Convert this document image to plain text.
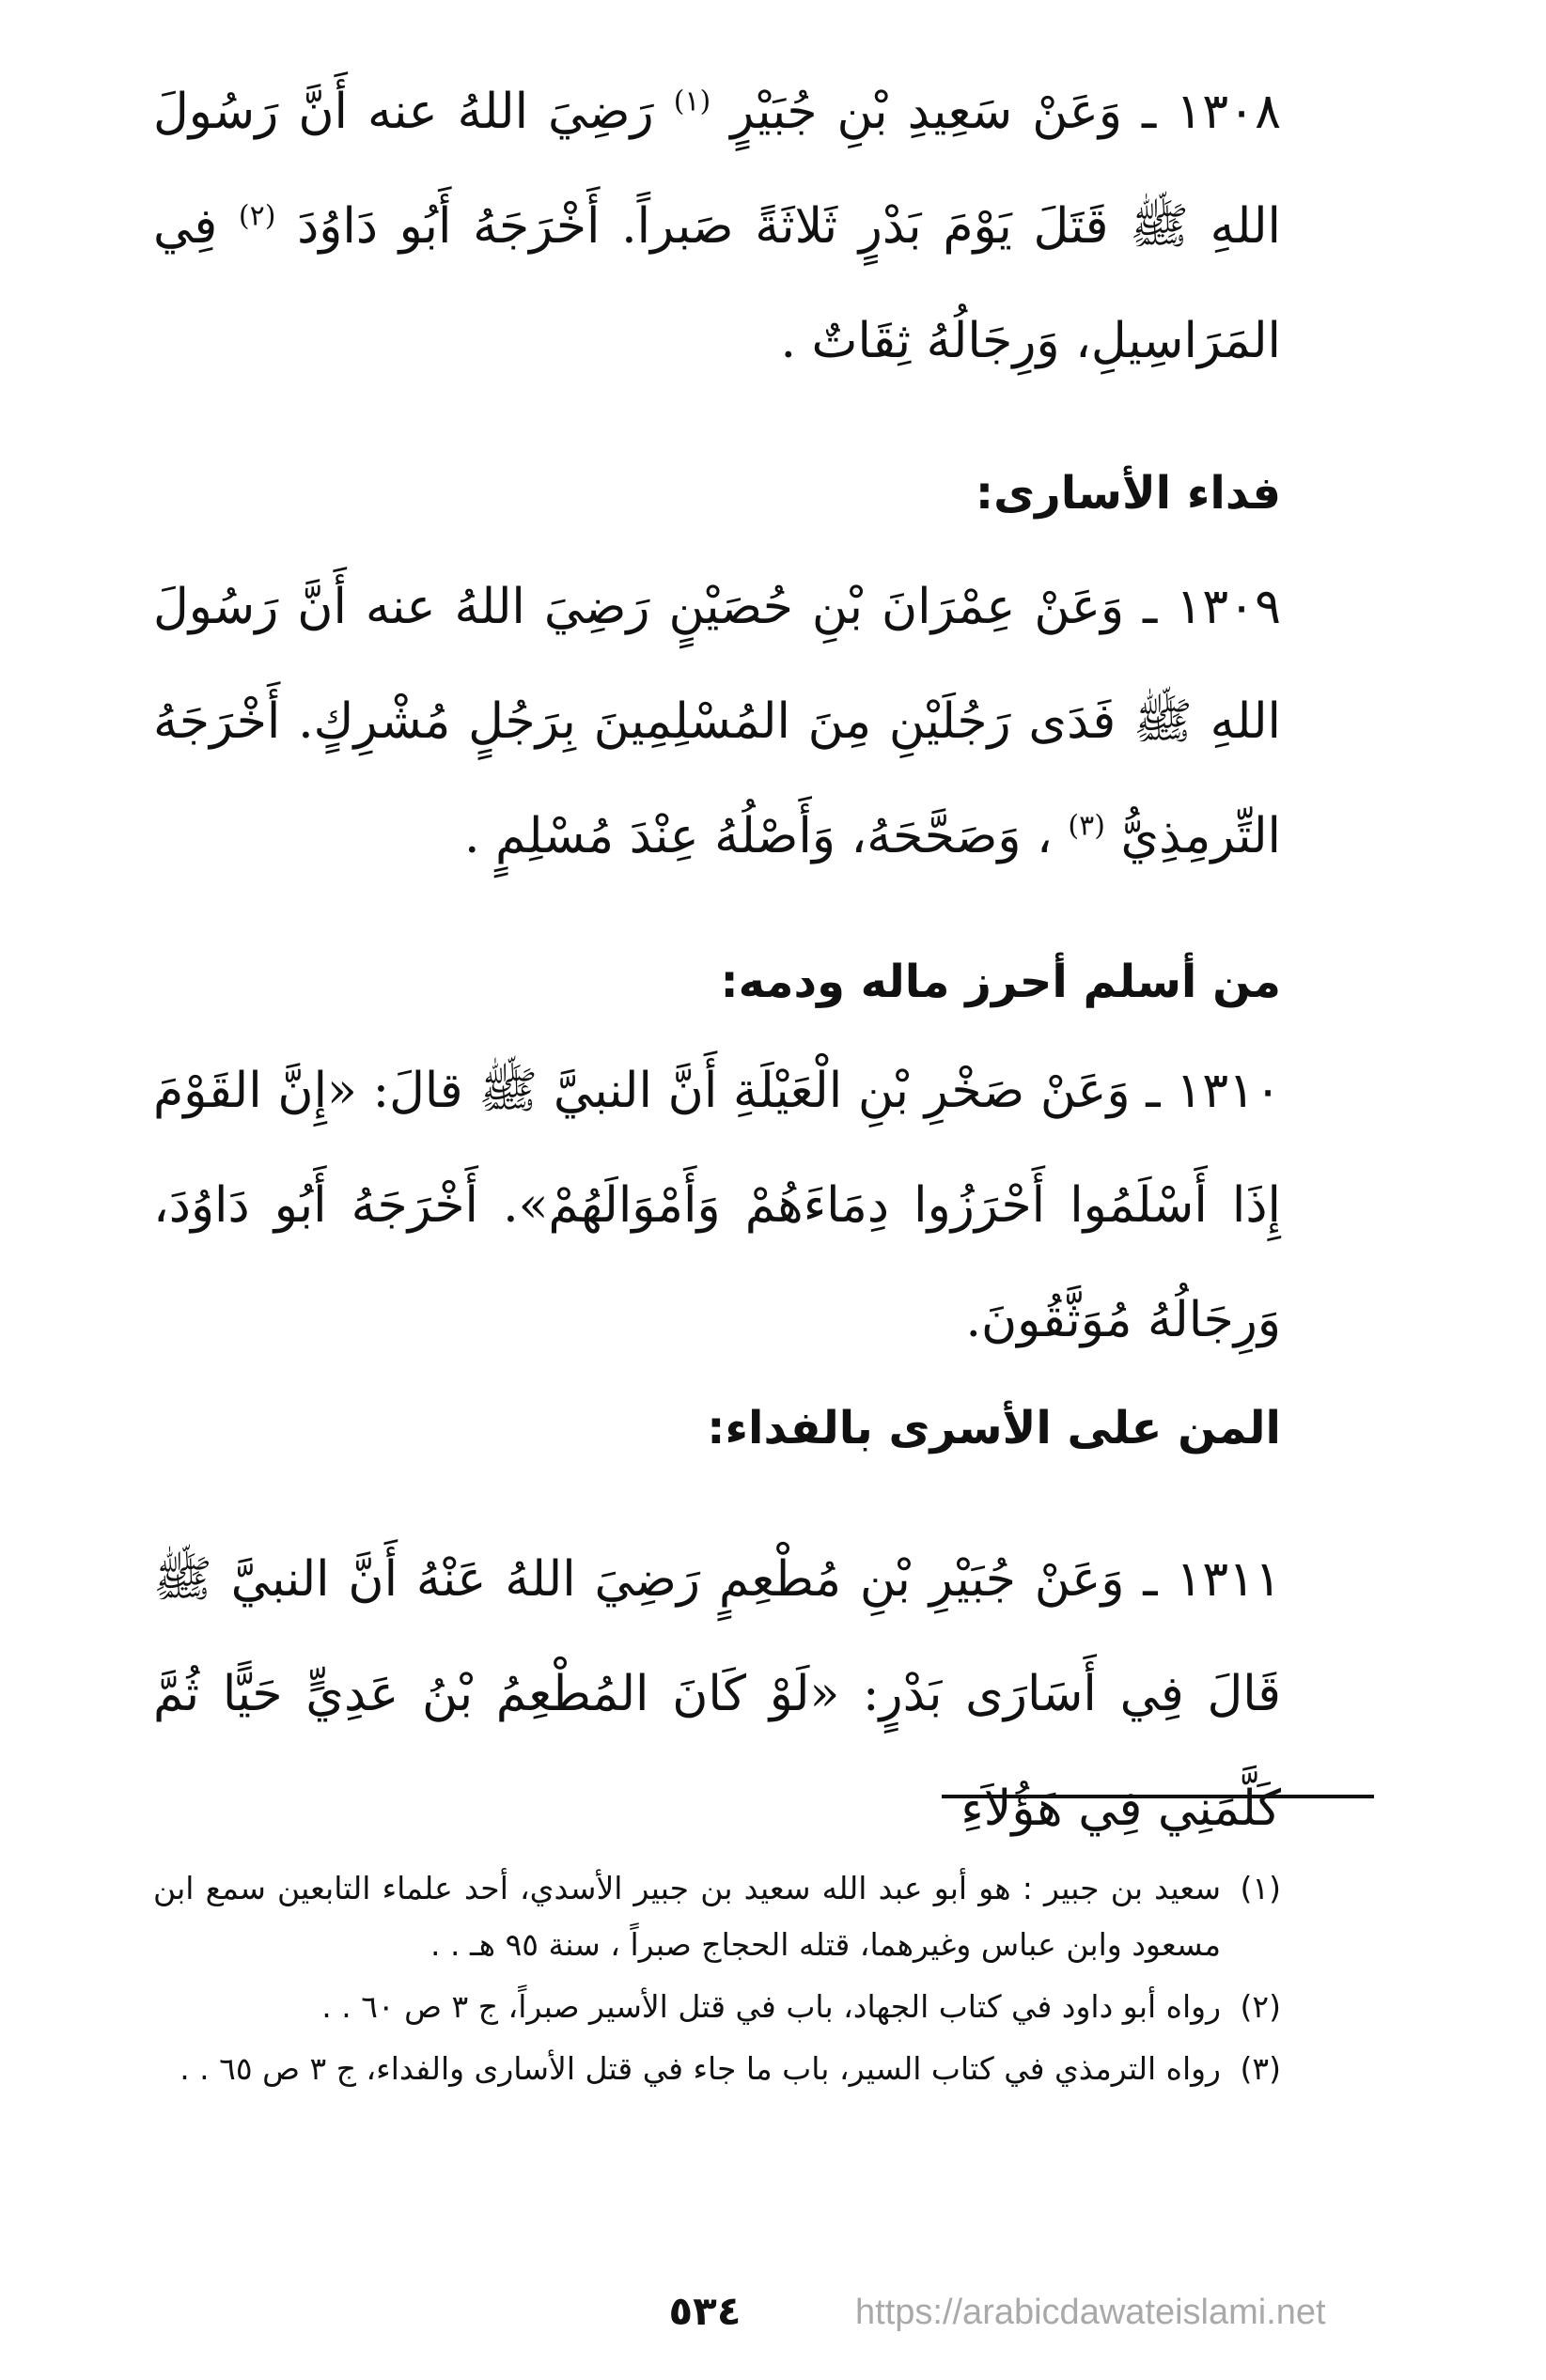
١٣٠٨ ـ وَعَنْ سَعِيدِ بْنِ جُبَيْرٍ $^{(١)}$ رَضِيَ اللهُ عنه أَنَّ رَسُولَ اللهِ ﷺ قَتَلَ يَوْمَ بَدْرٍ ثَلاثَةً صَبراً. أَخْرَجَهُ أَبُو دَاوُدَ $^{(٢)}$ فِي المَرَاسِيلِ، وَرِجَالُهُ ثِقَاتٌ .
فداء الأسارى:
١٣٠٩ ـ وَعَنْ عِمْرَانَ بْنِ حُصَيْنٍ رَضِيَ اللهُ عنه أَنَّ رَسُولَ اللهِ ﷺ فَدَى رَجُلَيْنِ مِنَ المُسْلِمِينَ بِرَجُلٍ مُشْرِكٍ. أَخْرَجَهُ التِّرمِذِيُّ $^{(٣)}$ ، وَصَحَّحَهُ، وَأَصْلُهُ عِنْدَ مُسْلِمٍ .
من أسلم أحرز ماله ودمه:
١٣١٠ ـ وَعَنْ صَخْرِ بْنِ الْعَيْلَةِ أَنَّ النبيَّ ﷺ قالَ: «إِنَّ القَوْمَ إِذَا أَسْلَمُوا أَحْرَزُوا دِمَاءَهُمْ وَأَمْوَالَهُمْ». أَخْرَجَهُ أَبُو دَاوُدَ، وَرِجَالُهُ مُوَثَّقُونَ.
المن على الأسرى بالفداء:
١٣١١ ـ وَعَنْ جُبَيْرِ بْنِ مُطْعِمٍ رَضِيَ اللهُ عَنْهُ أَنَّ النبيَّ ﷺ قَالَ فِي أَسَارَى بَدْرٍ: «لَوْ كَانَ المُطْعِمُ بْنُ عَدِيٍّ حَيًّا ثُمَّ كَلَّمَنِي فِي هَؤُلاَءِ
(١)
سعيد بن جبير : هو أبو عبد الله سعيد بن جبير الأسدي، أحد علماء التابعين سمع ابن مسعود وابن عباس وغيرهما، قتله الحجاج صبراً ، سنة ٩٥ هـ . .
(٢)
رواه أبو داود في كتاب الجهاد، باب في قتل الأسير صبراً، ج ٣ ص ٦٠ . .
(٣)
رواه الترمذي في كتاب السير، باب ما جاء في قتل الأسارى والفداء، ج ٣ ص ٦٥ . .
٥٣٤	https://arabicdawateislami.net
